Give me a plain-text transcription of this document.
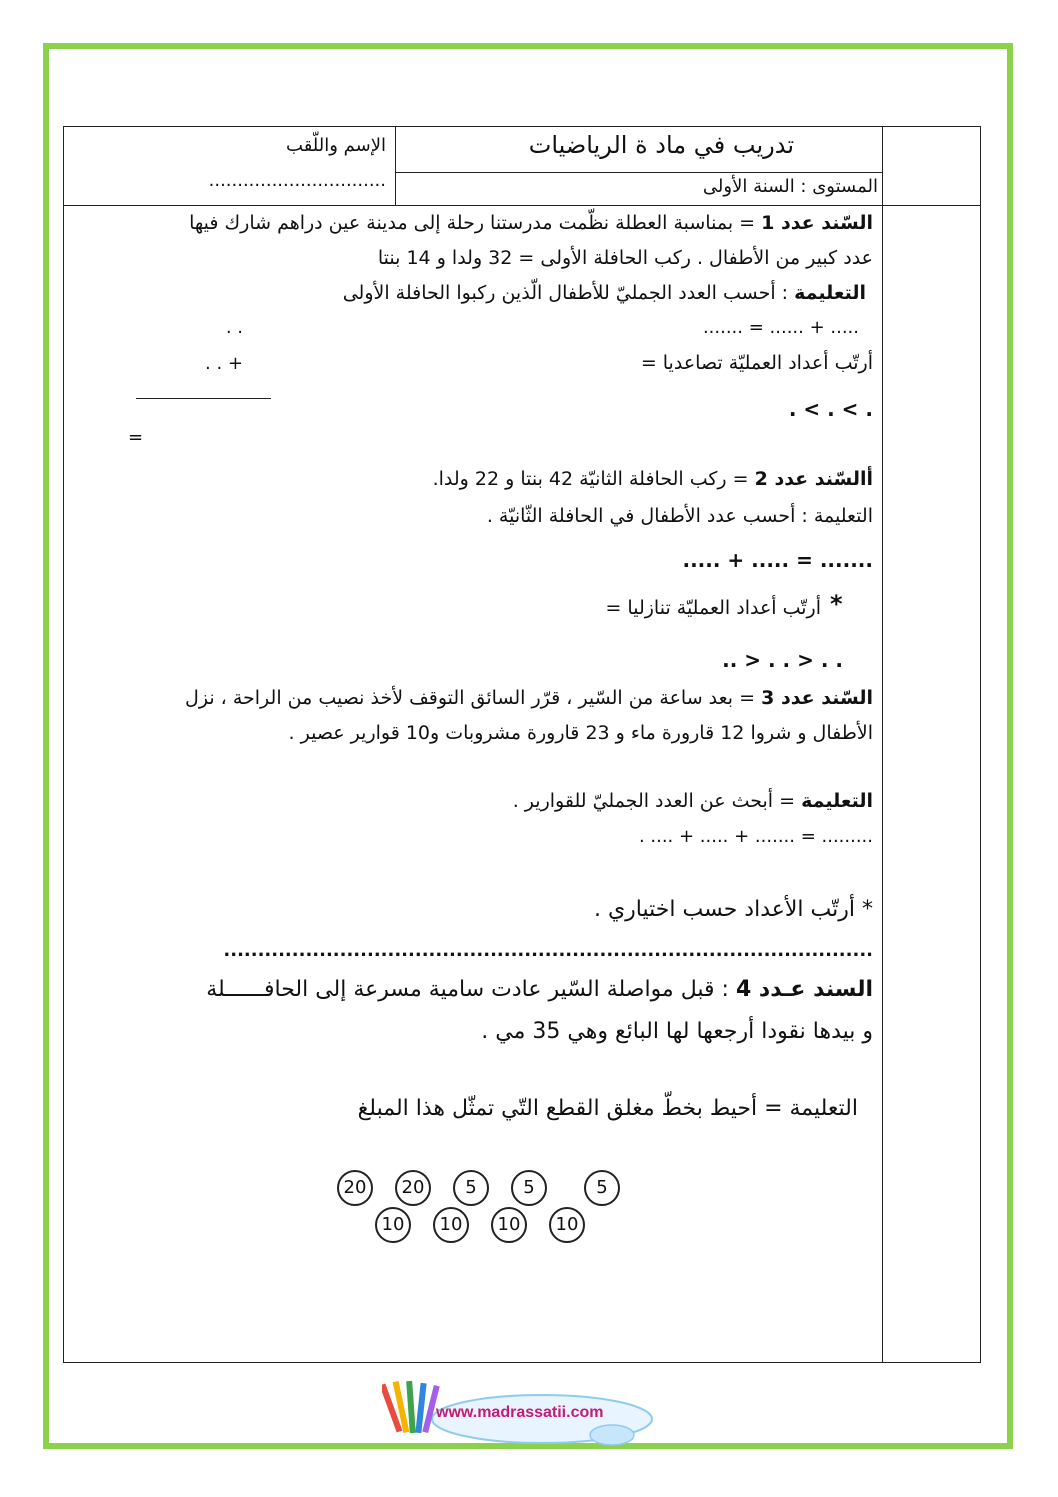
تدريب في ماد ة الرياضيات
الإسم واللّقب
...............................	المستوى : السنة الأولى
السّند عدد 1 = بمناسبة العطلة نظّمت مدرستنا رحلة إلى مدينة عين دراهم شارك فيها
عدد كبير من الأطفال . ركب الحافلة الأولى = 32 ولدا و 14 بنتا
التعليمة : أحسب العدد الجمليّ للأطفال الّذين ركبوا الحافلة الأولى
..... + ...... = .......
. .
أرتّب أعداد العمليّة تصاعديا =
+ . .
. < . < .
=
أالسّند عدد 2 = ركب الحافلة الثانيّة 42 بنتا و 22 ولدا.
التعليمة : أحسب عدد الأطفال في الحافلة الثّانيّة .
..... + ..... = .......
*
أرتّب أعداد العمليّة تنازليا =
.. > . . > . .
السّند عدد 3 = بعد ساعة من السّير ، قرّر السائق التوقف لأخذ نصيب من الراحة ، نزل
الأطفال و شروا 12 قارورة ماء و 23 قارورة مشروبات و10 قوارير عصير .
التعليمة = أبحث عن العدد الجمليّ للقوارير .
. .... + ..... + ....... = .........
* أرتّب الأعداد حسب اختياري .
...............................................................................................
السند عـدد 4 : قبل مواصلة السّير عادت سامية مسرعة إلى الحافــــــلة
و بيدها نقودا أرجعها لها البائع وهي 35 مي .
التعليمة = أحيط بخطّ مغلق القطع التّي تمثّل هذا المبلغ
20 20 5	5	5
10 10 10 10
www.madrassatii.com
